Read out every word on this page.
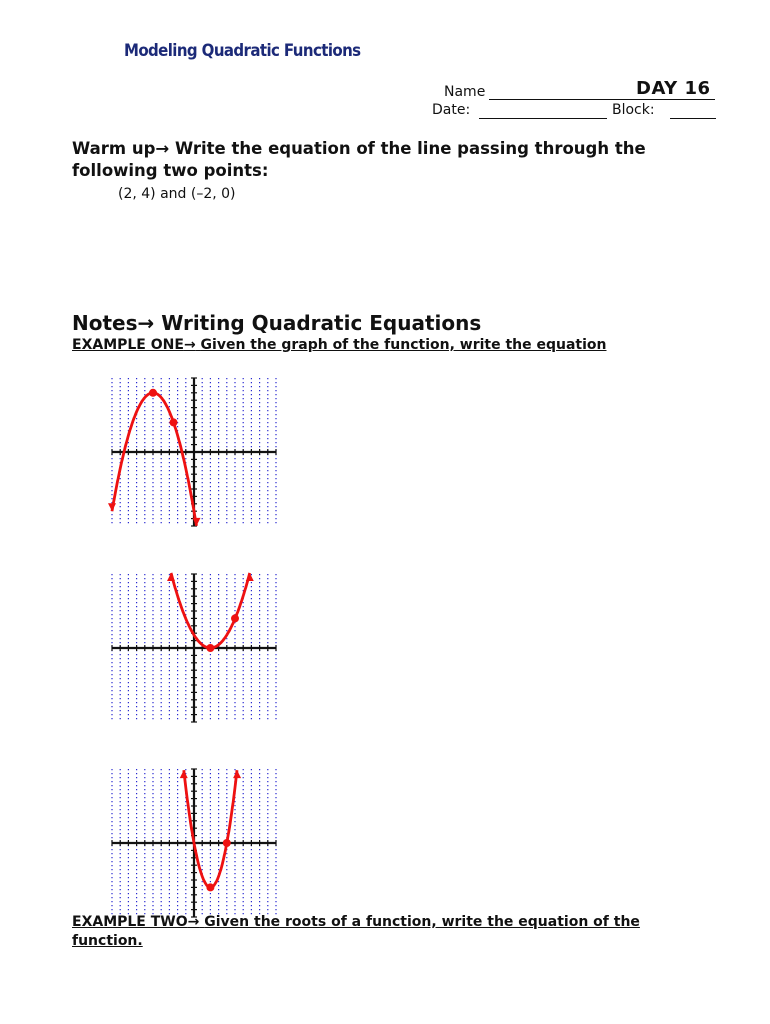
Modeling Quadratic Functions
Name	DAY 16
Date:	Block:
Warm up→ Write the equation of the line passing through the following two points:
(2, 4) and (–2, 0)
Notes→ Writing Quadratic Equations
EXAMPLE ONE→ Given the graph of the function, write the equation
EXAMPLE TWO→ Given the roots of a function, write the equation of the function.
